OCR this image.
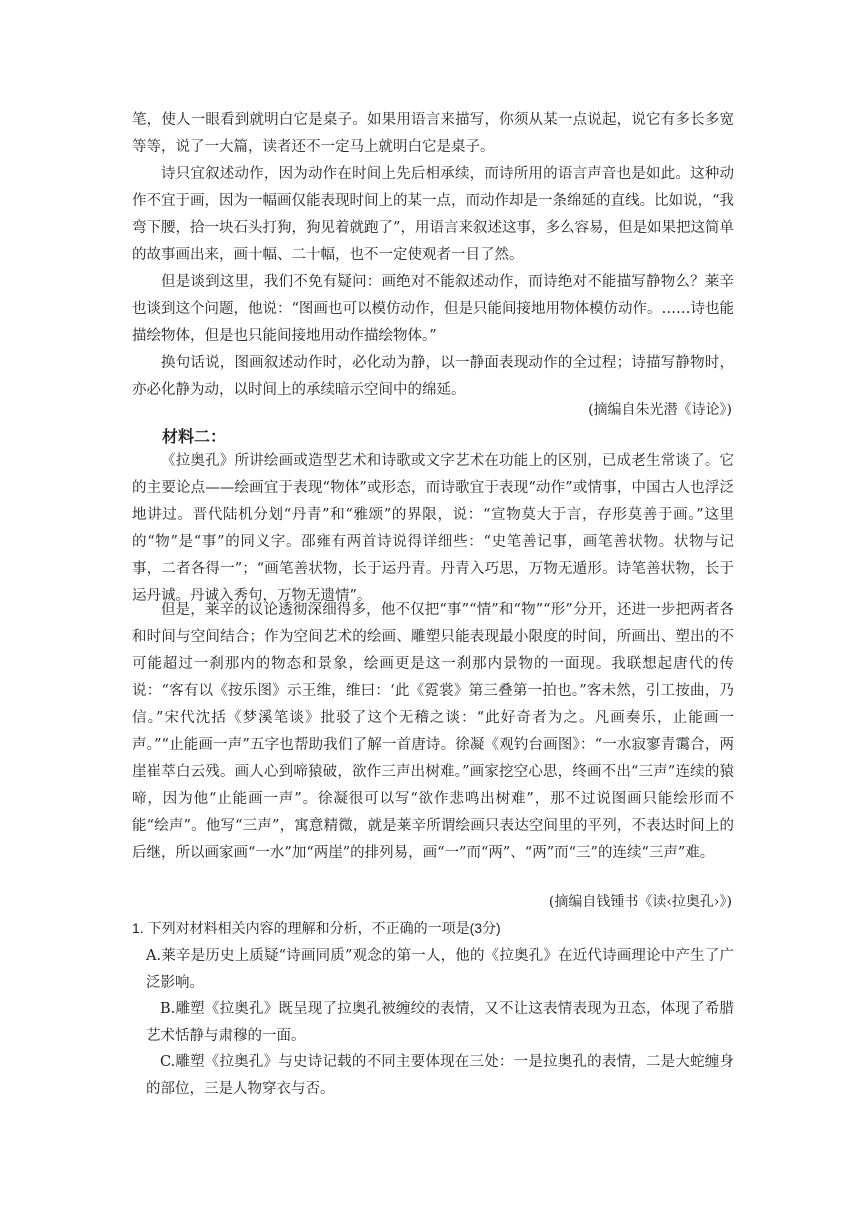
笔，使人一眼看到就明白它是桌子。如果用语言来描写，你须从某一点说起，说它有多长多宽等等，说了一大篇，读者还不一定马上就明白它是桌子。

诗只宜叙述动作，因为动作在时间上先后相承续，而诗所用的语言声音也是如此。这种动作不宜于画，因为一幅画仅能表现时间上的某一点，而动作却是一条绵延的直线。比如说，“我弯下腰，拾一块石头打狗，狗见着就跑了”，用语言来叙述这事，多么容易，但是如果把这简单的故事画出来，画十幅、二十幅，也不一定使观者一目了然。

但是谈到这里，我们不免有疑问：画绝对不能叙述动作，而诗绝对不能描写静物么？莱辛也谈到这个问题，他说：“图画也可以模仿动作，但是只能间接地用物体模仿动作。……诗也能描绘物体，但是也只能间接地用动作描绘物体。”

换句话说，图画叙述动作时，必化动为静，以一静面表现动作的全过程；诗描写静物时，亦必化静为动，以时间上的承续暗示空间中的绵延。

(摘编自朱光潜《诗论》)

材料二：

《拉奥孔》所讲绘画或造型艺术和诗歌或文字艺术在功能上的区别，已成老生常谈了。它的主要论点——绘画宜于表现“物体”或形态，而诗歌宜于表现“动作”或情事，中国古人也浮泛地讲过。晋代陆机分划“丹青”和“雅颂”的界限，说：“宣物莫大于言，存形莫善于画。”这里的“物”是“事”的同义字。邵雍有两首诗说得详细些：“史笔善记事，画笔善状物。状物与记事，二者各得一”；“画笔善状物，长于运丹青。丹青入巧思，万物无遁形。诗笔善状物，长于运丹诚。丹诚入秀句，万物无遗情”。

但是，莱辛的议论透彻深细得多，他不仅把“事”“情”和“物”“形”分开，还进一步把两者各和时间与空间结合；作为空间艺术的绘画、雕塑只能表现最小限度的时间，所画出、塑出的不可能超过一刹那内的物态和景象，绘画更是这一刹那内景物的一面现。我联想起唐代的传说：“客有以《按乐图》示王维，维曰：‘此《霓裳》第三叠第一拍也。”客未然，引工按曲，乃信。”宋代沈括《梦溪笔谈》批驳了这个无稽之谈：“此好奇者为之。凡画奏乐，止能画一声。”“止能画一声”五字也帮助我们了解一首唐诗。徐凝《观钓台画图》：“一水寂寥青霭合，两崖崔萃白云残。画人心到啼猿破，欲作三声出树难。”画家挖空心思，终画不出“三声”连续的猿啼，因为他“止能画一声”。徐凝很可以写“欲作悲鸣出树难”，那不过说图画只能绘形而不能“绘声”。他写“三声”，寓意精微，就是莱辛所谓绘画只表达空间里的平列，不表达时间上的后继，所以画家画“一水”加“两崖”的排列易，画“一”而“两”、“两”而“三”的连续“三声”难。

(摘编自钱锺书《读‹拉奥孔›》)

1. 下列对材料相关内容的理解和分析，不正确的一项是(3分)

A.莱辛是历史上质疑“诗画同质”观念的第一人，他的《拉奥孔》在近代诗画理论中产生了广泛影响。

B.雕塑《拉奥孔》既呈现了拉奥孔被缠绞的表情，又不让这表情表现为丑态，体现了希腊艺术恬静与肃穆的一面。

C.雕塑《拉奥孔》与史诗记载的不同主要体现在三处：一是拉奥孔的表情，二是大蛇缠身的部位，三是人物穿衣与否。
